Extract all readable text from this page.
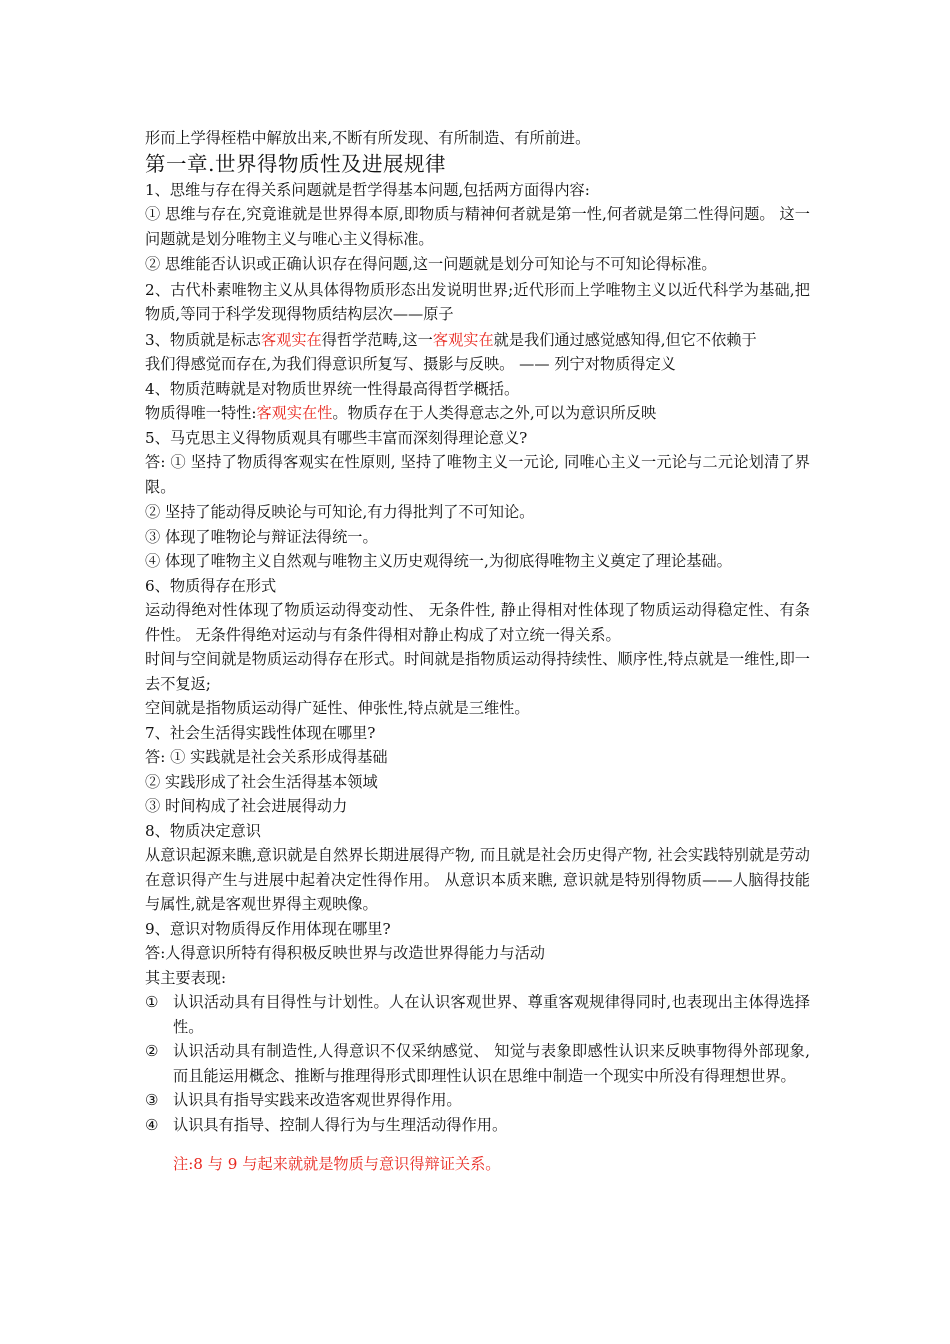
形而上学得桎梏中解放出来,不断有所发现、有所制造、有所前进。

第一章.世界得物质性及进展规律

1、思维与存在得关系问题就是哲学得基本问题,包括两方面得内容:

① 思维与存在,究竟谁就是世界得本原,即物质与精神何者就是第一性,何者就是第二性得问题。 这一问题就是划分唯物主义与唯心主义得标准。

② 思维能否认识或正确认识存在得问题,这一问题就是划分可知论与不可知论得标准。

2、古代朴素唯物主义从具体得物质形态出发说明世界;近代形而上学唯物主义以近代科学为基础,把物质,等同于科学发现得物质结构层次——原子

3、物质就是标志客观实在得哲学范畴,这一客观实在就是我们通过感觉感知得,但它不依赖于

我们得感觉而存在,为我们得意识所复写、摄影与反映。 —— 列宁对物质得定义

4、物质范畴就是对物质世界统一性得最高得哲学概括。

物质得唯一特性:客观实在性。物质存在于人类得意志之外,可以为意识所反映

5、马克思主义得物质观具有哪些丰富而深刻得理论意义?

答: ① 坚持了物质得客观实在性原则, 坚持了唯物主义一元论, 同唯心主义一元论与二元论划清了界限。

② 坚持了能动得反映论与可知论,有力得批判了不可知论。

③ 体现了唯物论与辩证法得统一。

④ 体现了唯物主义自然观与唯物主义历史观得统一,为彻底得唯物主义奠定了理论基础。

6、物质得存在形式

运动得绝对性体现了物质运动得变动性、 无条件性, 静止得相对性体现了物质运动得稳定性、有条件性。 无条件得绝对运动与有条件得相对静止构成了对立统一得关系。

时间与空间就是物质运动得存在形式。时间就是指物质运动得持续性、顺序性,特点就是一维性,即一去不复返;

空间就是指物质运动得广延性、伸张性,特点就是三维性。

7、社会生活得实践性体现在哪里?

答: ① 实践就是社会关系形成得基础

② 实践形成了社会生活得基本领域

③ 时间构成了社会进展得动力

8、物质决定意识

从意识起源来瞧,意识就是自然界长期进展得产物, 而且就是社会历史得产物, 社会实践特别就是劳动在意识得产生与进展中起着决定性得作用。 从意识本质来瞧, 意识就是特别得物质——人脑得技能与属性,就是客观世界得主观映像。

9、意识对物质得反作用体现在哪里?

答:人得意识所特有得积极反映世界与改造世界得能力与活动

其主要表现:

① 认识活动具有目得性与计划性。人在认识客观世界、尊重客观规律得同时,也表现出主体得选择性。
② 认识活动具有制造性,人得意识不仅采纳感觉、 知觉与表象即感性认识来反映事物得外部现象,而且能运用概念、推断与推理得形式即理性认识在思维中制造一个现实中所没有得理想世界。
③ 认识具有指导实践来改造客观世界得作用。
④ 认识具有指导、控制人得行为与生理活动得作用。

注:8 与 9 与起来就就是物质与意识得辩证关系。
